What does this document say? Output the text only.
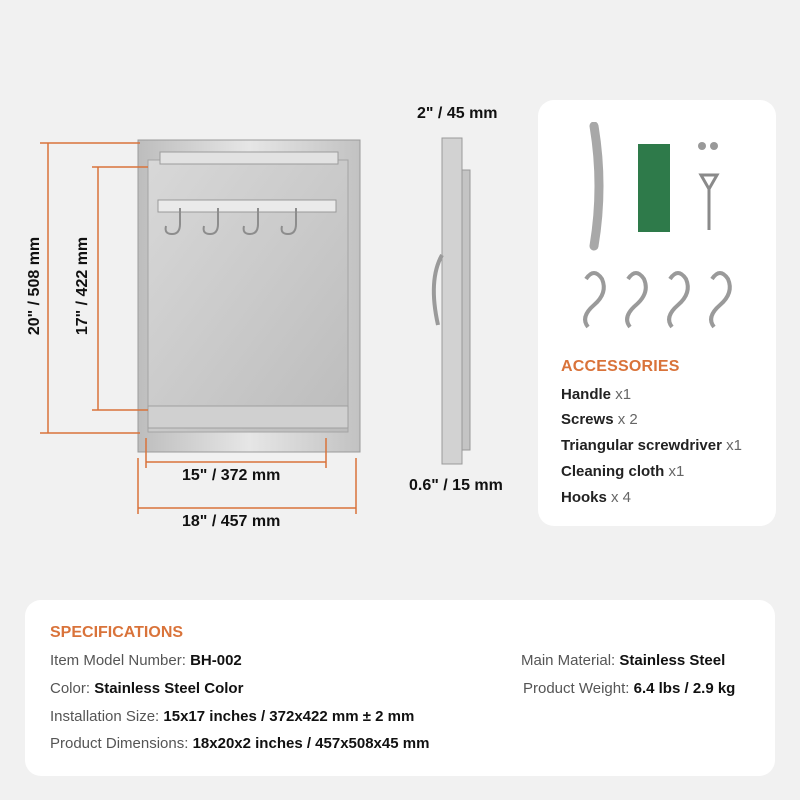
20" / 508 mm 17" / 422 mm
15" / 372 mm
18" / 457 mm
2" / 45 mm
0.6" / 15 mm
ACCESSORIES
Handle x1
Screws x 2
Triangular screwdriver x1
Cleaning cloth x1
Hooks x 4
SPECIFICATIONS
Item Model Number: BH-002
Color: Stainless Steel Color
Installation Size: 15x17 inches / 372x422 mm ± 2 mm
Product Dimensions: 18x20x2 inches / 457x508x45 mm
Main Material: Stainless Steel
Product Weight: 6.4 lbs / 2.9 kg
